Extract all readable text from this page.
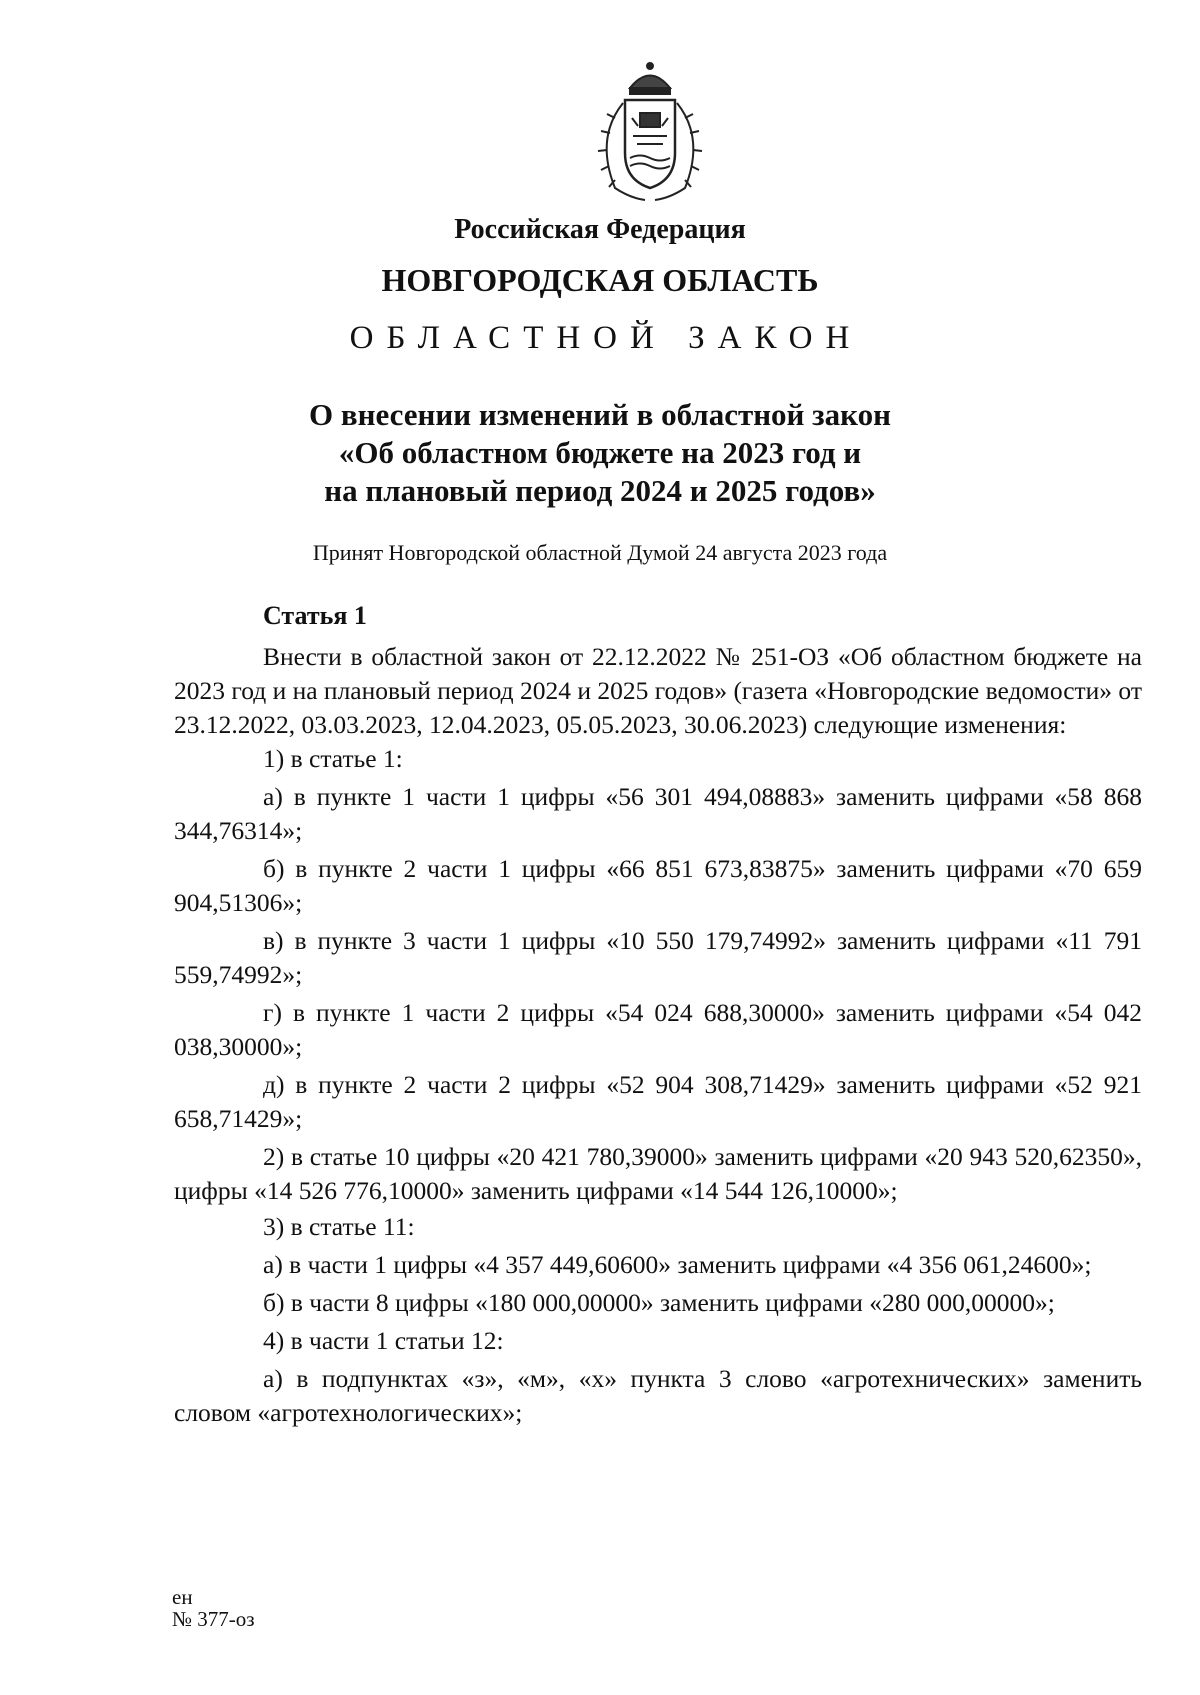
Российская Федерация
НОВГОРОДСКАЯ ОБЛАСТЬ
ОБЛАСТНОЙ ЗАКОН
О внесении изменений в областной закон
«Об областном бюджете на 2023 год и
на плановый период 2024 и 2025 годов»
Принят Новгородской областной Думой 24 августа 2023 года
Статья 1

Внести в областной закон от 22.12.2022 № 251-ОЗ «Об областном бюджете на 2023 год и на плановый период 2024 и 2025 годов» (газета «Новгородские ведомости» от 23.12.2022, 03.03.2023, 12.04.2023, 05.05.2023, 30.06.2023) следующие изменения:

1) в статье 1:

а) в пункте 1 части 1 цифры «56 301 494,08883» заменить цифрами «58 868 344,76314»;

б) в пункте 2 части 1 цифры «66 851 673,83875» заменить цифрами «70 659 904,51306»;

в) в пункте 3 части 1 цифры «10 550 179,74992» заменить цифрами «11 791 559,74992»;

г) в пункте 1 части 2 цифры «54 024 688,30000» заменить цифрами «54 042 038,30000»;

д) в пункте 2 части 2 цифры «52 904 308,71429» заменить цифрами «52 921 658,71429»;

2) в статье 10 цифры «20 421 780,39000» заменить цифрами «20 943 520,62350», цифры «14 526 776,10000» заменить цифрами «14 544 126,10000»;

3) в статье 11:

а) в части 1 цифры «4 357 449,60600» заменить цифрами «4 356 061,24600»;

б) в части 8 цифры «180 000,00000» заменить цифрами «280 000,00000»;

4) в части 1 статьи 12:

а) в подпунктах «з», «м», «х» пункта 3 слово «агротехнических» заменить словом «агротехнологических»;

ен
№ 377-оз
